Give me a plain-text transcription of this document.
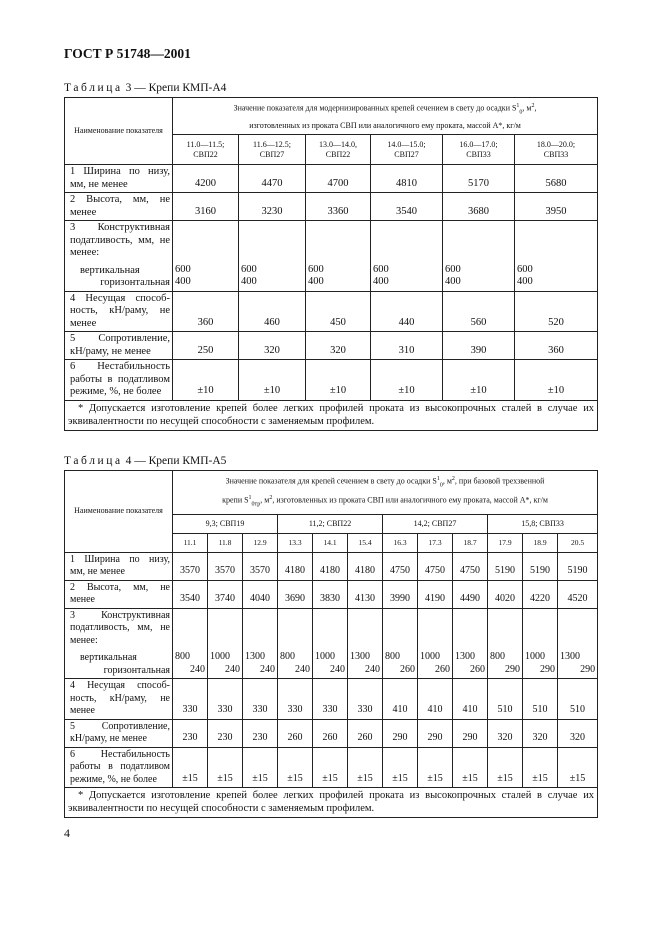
ГОСТ Р 51748—2001
Таблица 3 — Крепи КМП-А4
Наименование показателя	Значение показателя для модернизированных крепей сечением в свету до осадки $S^1_0$, $м^2$,
изготовленных из проката СВП или аналогичного ему проката, массой A*, кг/м					
	11.0—11.5;
СВП22	11.6—12.5;
СВП27	13.0—14.0,
СВП22	14.0—15.0;
СВП27	16.0—17.0;
СВП33	18.0—20.0;
СВП33

1 Ширина по низу,
мм, не менее	4200	4470	4700	4810	5170	5680

2 Высота, мм, не
менее	3160	3230	3360	3540	3680	3950

3 Конструктивная
податливость, мм, не
менее:
вертикальная
горизонтальная	600
400	600
400	600
400	600
400	600
400	600
400

4 Несущая способ-
ность, кН/раму, не
менее	360	460	450	440	560	520

5 Сопротивление,
кН/раму, не менее	250	320	320	310	390	360

6 Нестабильность
работы в податливом
режиме, %, не более	±10	±10	±10	±10	±10	±10
* Допускается изготовление крепей более легких профилей проката из высокопрочных сталей в случае их эквивалентности по несущей способности с заменяемым профилем.						
Таблица 4 — Крепи КМП-А5
Наименование показателя	Значение показателя для крепей сечением в свету до осадки $S^1_0$, $м^2$, при базовой трехзвенной
крепи $S^1_{0тр}$, $м^2$, изготовленных из проката СВП или аналогичного ему проката, массой A*, кг/м											
	9,3; СВП19			11,2; СВП22			14,2; СВП27			15,8; СВП33		
	11.1	11.8	12.9	13.3	14.1	15.4	16.3	17.3	18.7	17.9	18.9	20.5

1 Ширина по низу,
мм, не менее	3570	3570	3570	4180	4180	4180	4750	4750	4750	5190	5190	5190

2 Высота, мм, не
менее	3540	3740	4040	3690	3830	4130	3990	4190	4490	4020	4220	4520

3 Конструктивная
податливость, мм, не
менее:
вертикальная
горизонтальная	800
240	1000
240	1300
240	800
240	1000
240	1300
240	800
260	1000
260	1300
260	800
290	1000
290	1300
290

4 Несущая способ-
ность, кН/раму, не
менее	330	330	330	330	330	330	410	410	410	510	510	510

5 Сопротивление,
кН/раму, не менее	230	230	230	260	260	260	290	290	290	320	320	320

6 Нестабильность
работы в податливом
режиме, %, не более	±15	±15	±15	±15	±15	±15	±15	±15	±15	±15	±15	±15
* Допускается изготовление крепей более легких профилей проката из высокопрочных сталей в случае их эквивалентности по несущей способности с заменяемым профилем.												
4
